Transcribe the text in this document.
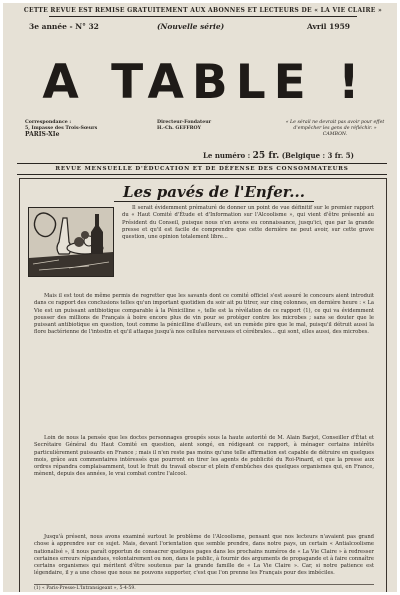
CETTE REVUE EST REMISE GRATUITEMENT AUX ABONNES ET LECTEURS DE « LA VIE CLAIRE »
3e année - N° 32	(Nouvelle série)	Avril 1959
A TABLE !
Correspondance :
5, Impasse des Trois-Sœurs
PARIS-XIe
Directeur-Fondateur
H.-Ch. GEFFROY
« Le sérail ne devrait pas avoir pour effet d'empêcher les gens de réfléchir. » CAMBON.
Le numéro : 25 fr. (Belgique : 3 fr. 5)
REVUE MENSUELLE D'ÉDUCATION ET DE DÉFENSE DES CONSOMMATEURS
Les pavés de l'Enfer...

Il serait évidemment prématuré de donner un point de vue définitif sur le premier rapport du « Haut Comité d'Étude et d'Information sur l'Alcoolisme », qui vient d'être présenté au Président du Conseil, puisque nous n'en avons eu connaissance, jusqu'ici, que par la grande presse et qu'il est facile de comprendre que cette dernière ne peut avoir, sur cette grave question, une opinion totalement libre...

Mais il est tout de même permis de regretter que les savants dont ce comité officiel s'est assuré le concours aient introduit dans ce rapport des conclusions telles qu'un important quotidien du soir ait pu titrer, sur cinq colonnes, en dernière heure : « La Vie est un puissant antibiotique comparable à la Pénicilline », telle est la révélation de ce rapport (1), ce qui va évidemment pousser des millions de Français à boire encore plus de vin pour se protéger contre les microbes ; sans se douter que le puissant antibiotique en question, tout comme la pénicilline d'ailleurs, est un remède pire que le mal, puisqu'il détruit aussi la flore bactérienne de l'intestin et qu'il attaque jusqu'à nos cellules nerveuses et cérébrales... qui sont, elles aussi, des microbes.

Loin de nous la pensée que les doctes personnages groupés sous la haute autorité de M. Alain Barjot, Conseiller d'État et Secrétaire Général du Haut Comité en question, aient songé, en rédigeant ce rapport, à ménager certains intérêts particulièrement puissants en France ; mais il n'en reste pas moins qu'une telle affirmation est capable de détruire en quelques mois, grâce aux commentaires intéressés que pourront en tirer les agents de publicité du Roi-Pinard, et que la presse aux ordres répandra complaisamment, tout le fruit du travail obscur et plein d'embûches des quelques organismes qui, en France, mènent, depuis des années, le vrai combat contre l'alcool.

Jusqu'à présent, nous avons examiné surtout le problème de l'Alcoolisme, pensant que nos lecteurs n'avaient pas grand chose à apprendre sur ce sujet. Mais, devant l'orientation que semble prendre, dans notre pays, un certain « Antialcoolisme nationalisé », il nous paraît opportun de consacrer quelques pages dans les prochains numéros de « La Vie Claire » à redresser certaines erreurs répandues, volontairement ou non, dans le public, à fournir des arguments de propagande et à faire connaître certains organismes qui méritent d'être soutenus par la grande famille de « La Vie Claire ». Car, si notre patience est légendaire, il y a une chose que nous ne pouvons supporter, c'est que l'on prenne les Français pour des imbéciles.

(1) « Paris-Presse-L'Intransigeant », 5-4-59.
